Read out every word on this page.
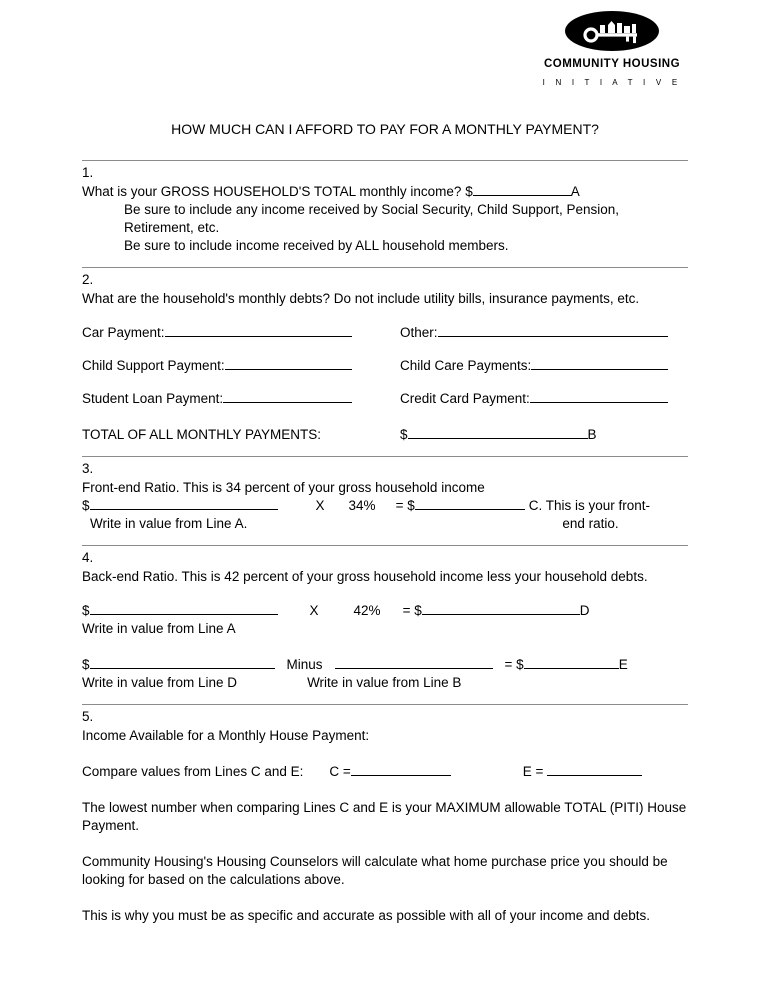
COMMUNITY HOUSING
I N I T I A T I V E
HOW MUCH CAN I AFFORD TO PAY FOR A MONTHLY PAYMENT?

1.

What is your GROSS HOUSEHOLD'S TOTAL monthly income? $	A

Be sure to include any income received by Social Security, Child Support, Pension, Retirement, etc.

Be sure to include income received by ALL household members.

2.

What are the household's monthly debts? Do not include utility bills, insurance payments, etc.

Car Payment:	Other:

Child Support Payment:	Child Care Payments:

Student Loan Payment:	Credit Card Payment:

TOTAL OF ALL MONTHLY PAYMENTS:	$	B

3.

Front-end Ratio. This is 34 percent of your gross household income

$	X 34% = $	C. This is your front-

Write in value from Line A.	end ratio.

4.

Back-end Ratio. This is 42 percent of your gross household income less your household debts.

$	X	42% = $	D

Write in value from Line A

$	Minus	= $	E

Write in value from Line D	Write in value from Line B

5.

Income Available for a Monthly House Payment:

Compare values from Lines C and E: C =	E =

The lowest number when comparing Lines C and E is your MAXIMUM allowable TOTAL (PITI) House Payment.

Community Housing's Housing Counselors will calculate what home purchase price you should be looking for based on the calculations above.

This is why you must be as specific and accurate as possible with all of your income and debts.
